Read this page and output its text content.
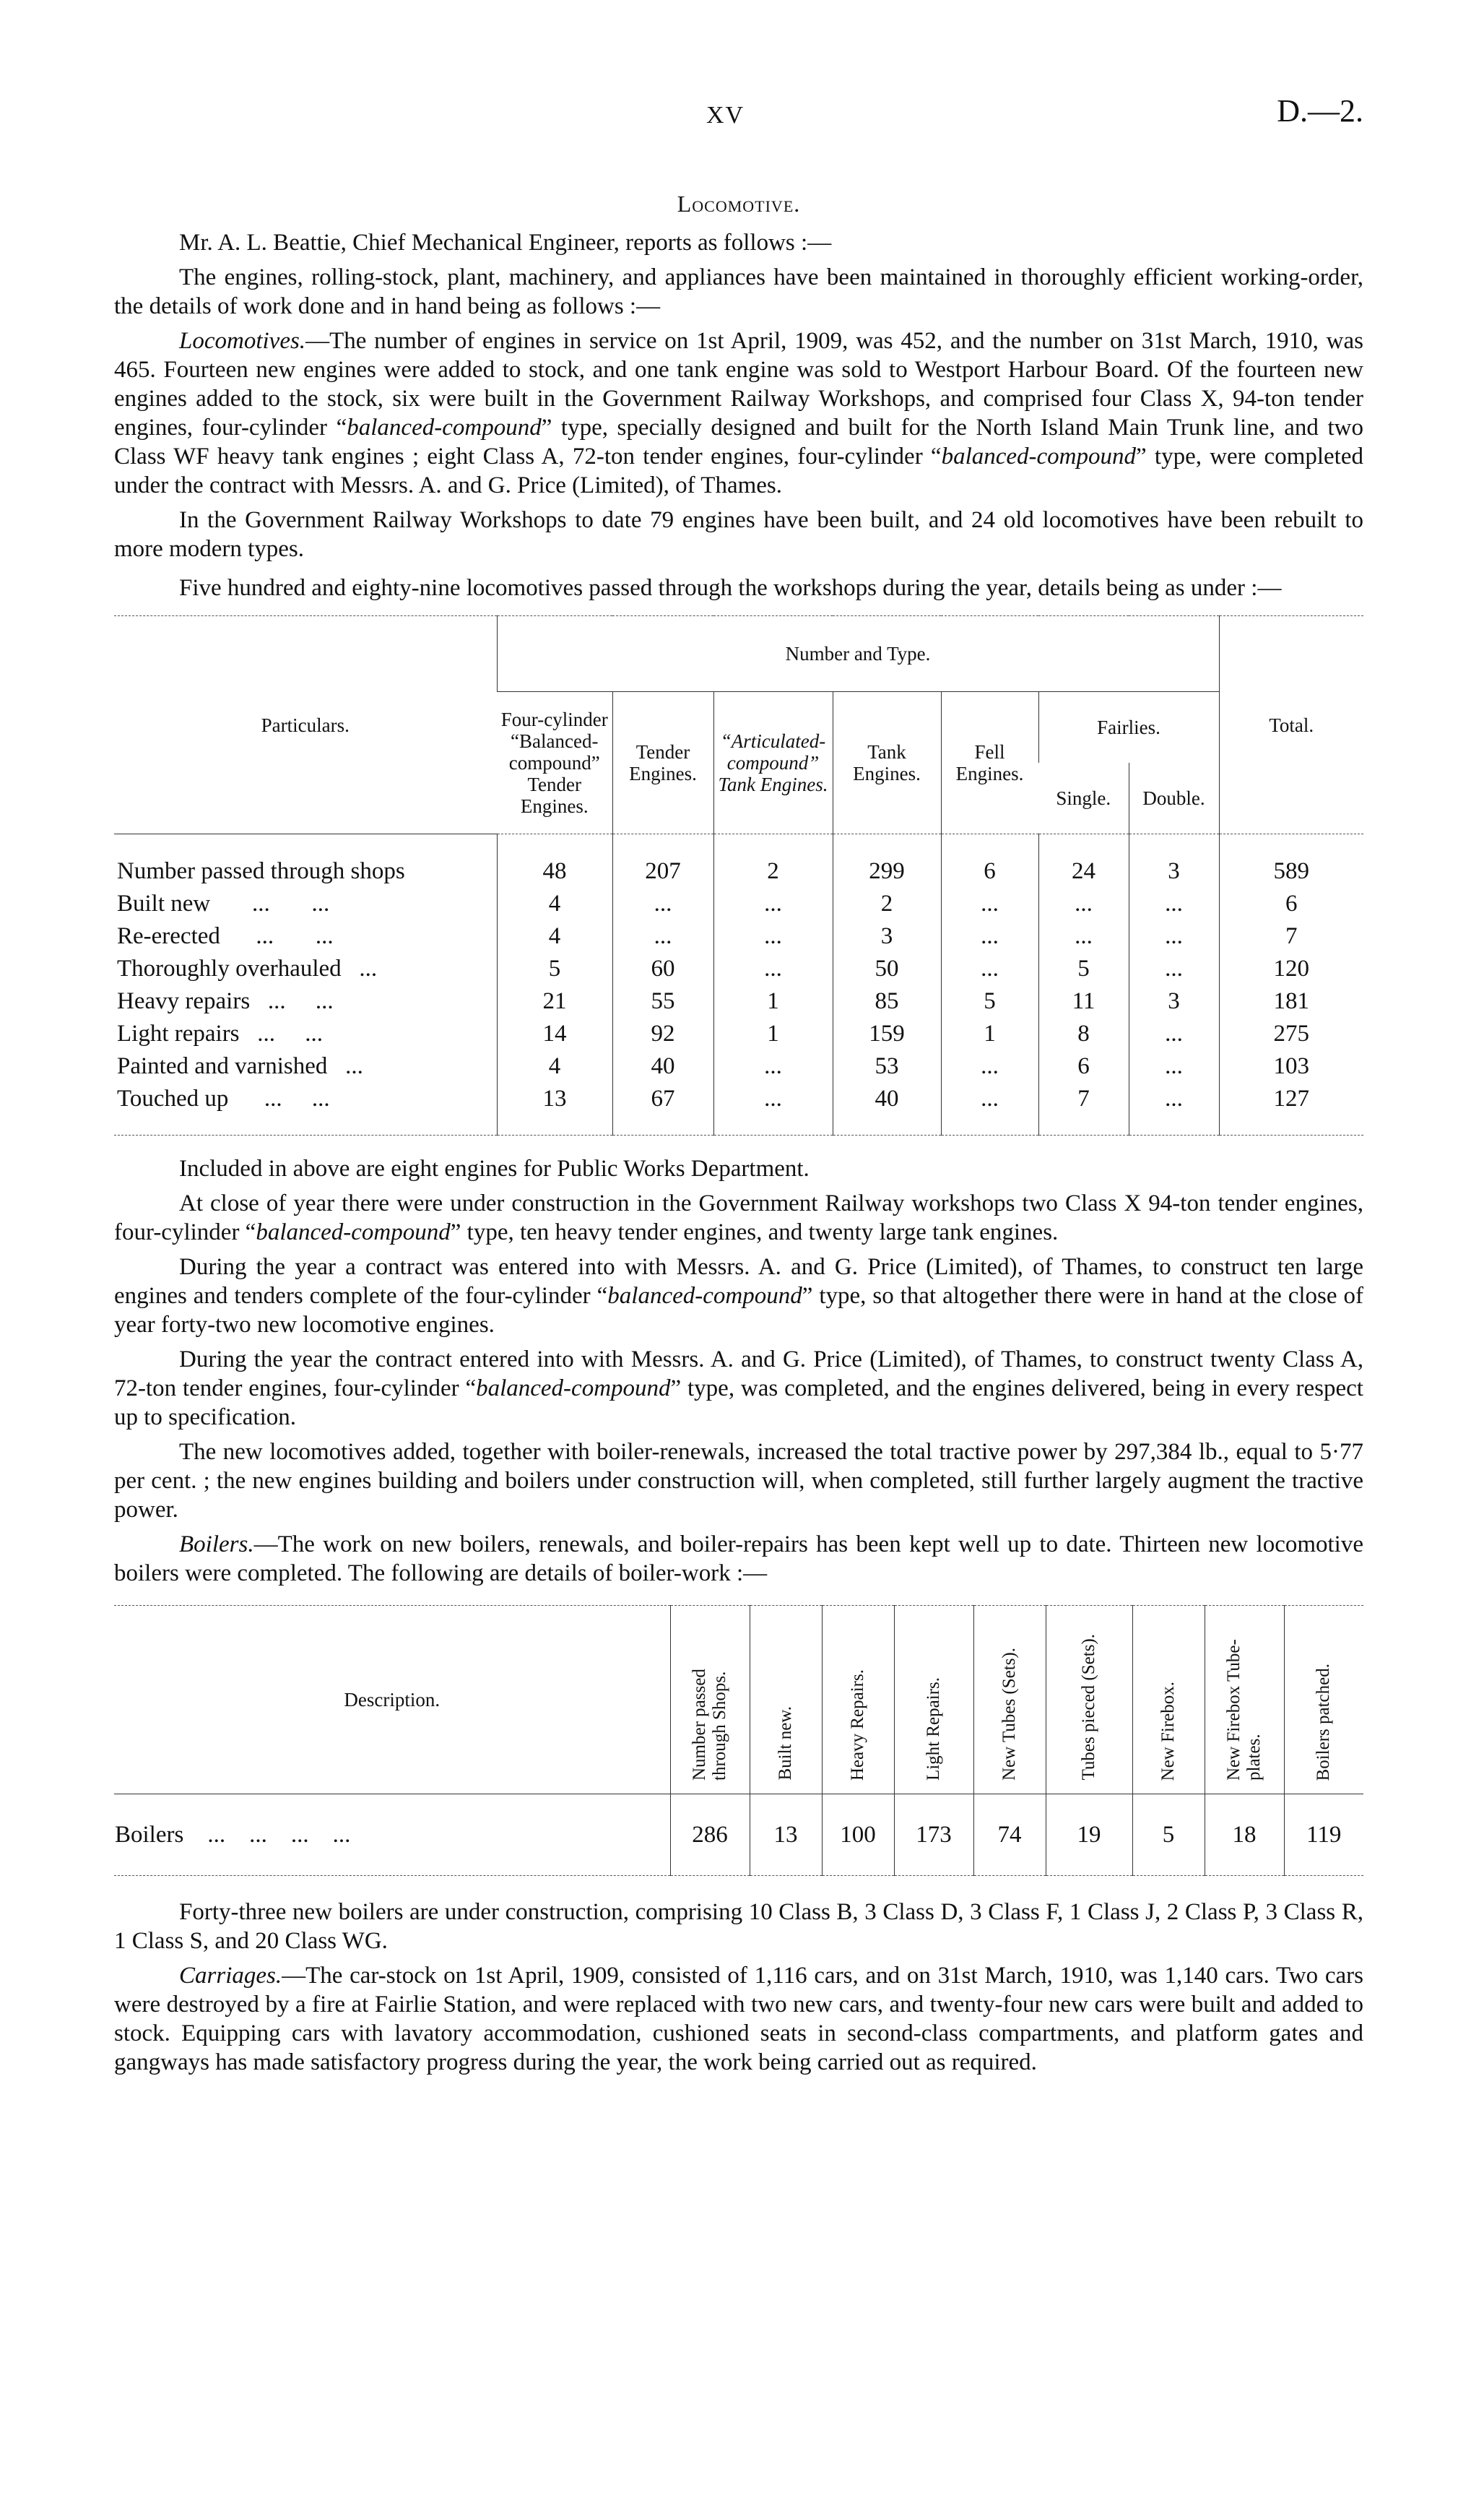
XV	D.—2.
Locomotive.

Mr. A. L. Beattie, Chief Mechanical Engineer, reports as follows :—

The engines, rolling-stock, plant, machinery, and appliances have been maintained in thoroughly efficient working-order, the details of work done and in hand being as follows :—

Locomotives.—The number of engines in service on 1st April, 1909, was 452, and the number on 31st March, 1910, was 465. Fourteen new engines were added to stock, and one tank engine was sold to Westport Harbour Board. Of the fourteen new engines added to the stock, six were built in the Government Railway Workshops, and comprised four Class X, 94-ton tender engines, four-cylinder “balanced-compound” type, specially designed and built for the North Island Main Trunk line, and two Class WF heavy tank engines ; eight Class A, 72-ton tender engines, four-cylinder “balanced-compound” type, were completed under the contract with Messrs. A. and G. Price (Limited), of Thames.

In the Government Railway Workshops to date 79 engines have been built, and 24 old locomotives have been rebuilt to more modern types.

Five hundred and eighty-nine locomotives passed through the workshops during the year, details being as under :—

Particulars.	Number and Type.							Total.
	Four-cylinder “Balanced-compound” Tender Engines.	Tender Engines.	“Articulated-compound” Tank Engines.	Tank Engines.	Fell Engines.	Fairlies.		
						Single.	Double.	
Number passed through shops	48	207	2	299	6	24	3	589
Built new       ...       ...	4	...	...	2	...	...	...	6
Re-erected      ...       ...	4	...	...	3	...	...	...	7
Thoroughly overhauled   ...	5	60	...	50	...	5	...	120
Heavy repairs   ...     ...	21	55	1	85	5	11	3	181
Light repairs   ...     ...	14	92	1	159	1	8	...	275
Painted and varnished   ...	4	40	...	53	...	6	...	103
Touched up      ...     ...	13	67	...	40	...	7	...	127

Included in above are eight engines for Public Works Department.

At close of year there were under construction in the Government Railway workshops two Class X 94-ton tender engines, four-cylinder “balanced-compound” type, ten heavy tender engines, and twenty large tank engines.

During the year a contract was entered into with Messrs. A. and G. Price (Limited), of Thames, to construct ten large engines and tenders complete of the four-cylinder “balanced-compound” type, so that altogether there were in hand at the close of year forty-two new locomotive engines.

During the year the contract entered into with Messrs. A. and G. Price (Limited), of Thames, to construct twenty Class A, 72-ton tender engines, four-cylinder “balanced-compound” type, was completed, and the engines delivered, being in every respect up to specification.

The new locomotives added, together with boiler-renewals, increased the total tractive power by 297,384 lb., equal to 5·77 per cent. ; the new engines building and boilers under construction will, when completed, still further largely augment the tractive power.

Boilers.—The work on new boilers, renewals, and boiler-repairs has been kept well up to date. Thirteen new locomotive boilers were completed. The following are details of boiler-work :—

Description.	Number passed through Shops.	Built new.	Heavy Repairs.	Light Repairs.	New Tubes (Sets).	Tubes pieced (Sets).	New Firebox.	New Firebox Tube-plates.	Boilers patched.
Boilers    ...    ...    ...    ...	286	13	100	173	74	19	5	18	119

Forty-three new boilers are under construction, comprising 10 Class B, 3 Class D, 3 Class F, 1 Class J, 2 Class P, 3 Class R, 1 Class S, and 20 Class WG.

Carriages.—The car-stock on 1st April, 1909, consisted of 1,116 cars, and on 31st March, 1910, was 1,140 cars. Two cars were destroyed by a fire at Fairlie Station, and were replaced with two new cars, and twenty-four new cars were built and added to stock. Equipping cars with lavatory accommodation, cushioned seats in second-class compartments, and platform gates and gangways has made satisfactory progress during the year, the work being carried out as required.
